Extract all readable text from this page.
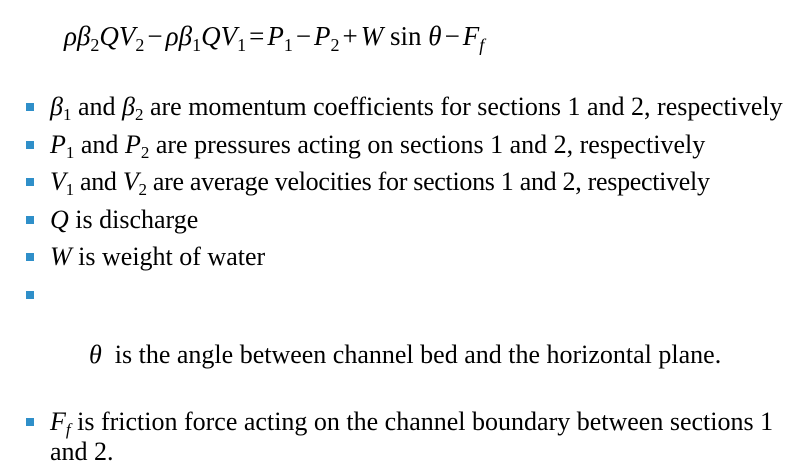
$\rho\beta_2QV_2 - \rho\beta_1QV_1 = P_1 - P_2 + W$ $\sin \theta - F_f$
$\beta_1$ and $\beta_2$ are momentum coefficients for sections 1 and 2, respectively
$P_1$ and $P_2$ are pressures acting on sections 1 and 2, respectively
$V_1$ and $V_2$ are average velocities for sections 1 and 2, respectively
Q is discharge
W is weight of water

θ  is the angle between channel bed and the horizontal plane.

$F_f$ is friction force acting on the channel boundary between sections 1 and 2.
